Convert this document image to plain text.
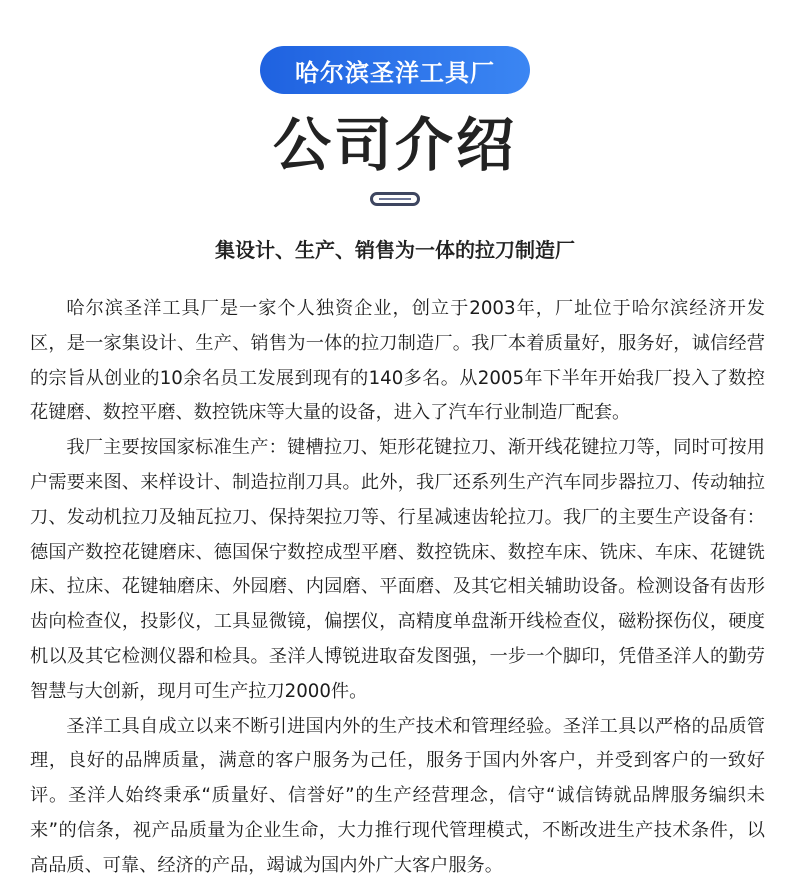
哈尔滨圣洋工具厂
公司介绍
集设计、生产、销售为一体的拉刀制造厂

哈尔滨圣洋工具厂是一家个人独资企业，创立于2003年，厂址位于哈尔滨经济开发区，是一家集设计、生产、销售为一体的拉刀制造厂。我厂本着质量好，服务好，诚信经营的宗旨从创业的10余名员工发展到现有的140多名。从2005年下半年开始我厂投入了数控花键磨、数控平磨、数控铣床等大量的设备，进入了汽车行业制造厂配套。

我厂主要按国家标准生产：键槽拉刀、矩形花键拉刀、渐开线花键拉刀等，同时可按用户需要来图、来样设计、制造拉削刀具。此外，我厂还系列生产汽车同步器拉刀、传动轴拉刀、发动机拉刀及轴瓦拉刀、保持架拉刀等、行星减速齿轮拉刀。我厂的主要生产设备有：德国产数控花键磨床、德国保宁数控成型平磨、数控铣床、数控车床、铣床、车床、花键铣床、拉床、花键轴磨床、外园磨、内园磨、平面磨、及其它相关辅助设备。检测设备有齿形齿向检查仪，投影仪，工具显微镜，偏摆仪，高精度单盘渐开线检查仪，磁粉探伤仪，硬度机以及其它检测仪器和检具。圣洋人博锐进取奋发图强，一步一个脚印，凭借圣洋人的勤劳智慧与大创新，现月可生产拉刀2000件。

圣洋工具自成立以来不断引进国内外的生产技术和管理经验。圣洋工具以严格的品质管理，良好的品牌质量，满意的客户服务为己任，服务于国内外客户，并受到客户的一致好评。圣洋人始终秉承“质量好、信誉好”的生产经营理念，信守“诚信铸就品牌服务编织未来”的信条，视产品质量为企业生命，大力推行现代管理模式，不断改进生产技术条件，以高品质、可靠、经济的产品，竭诚为国内外广大客户服务。
